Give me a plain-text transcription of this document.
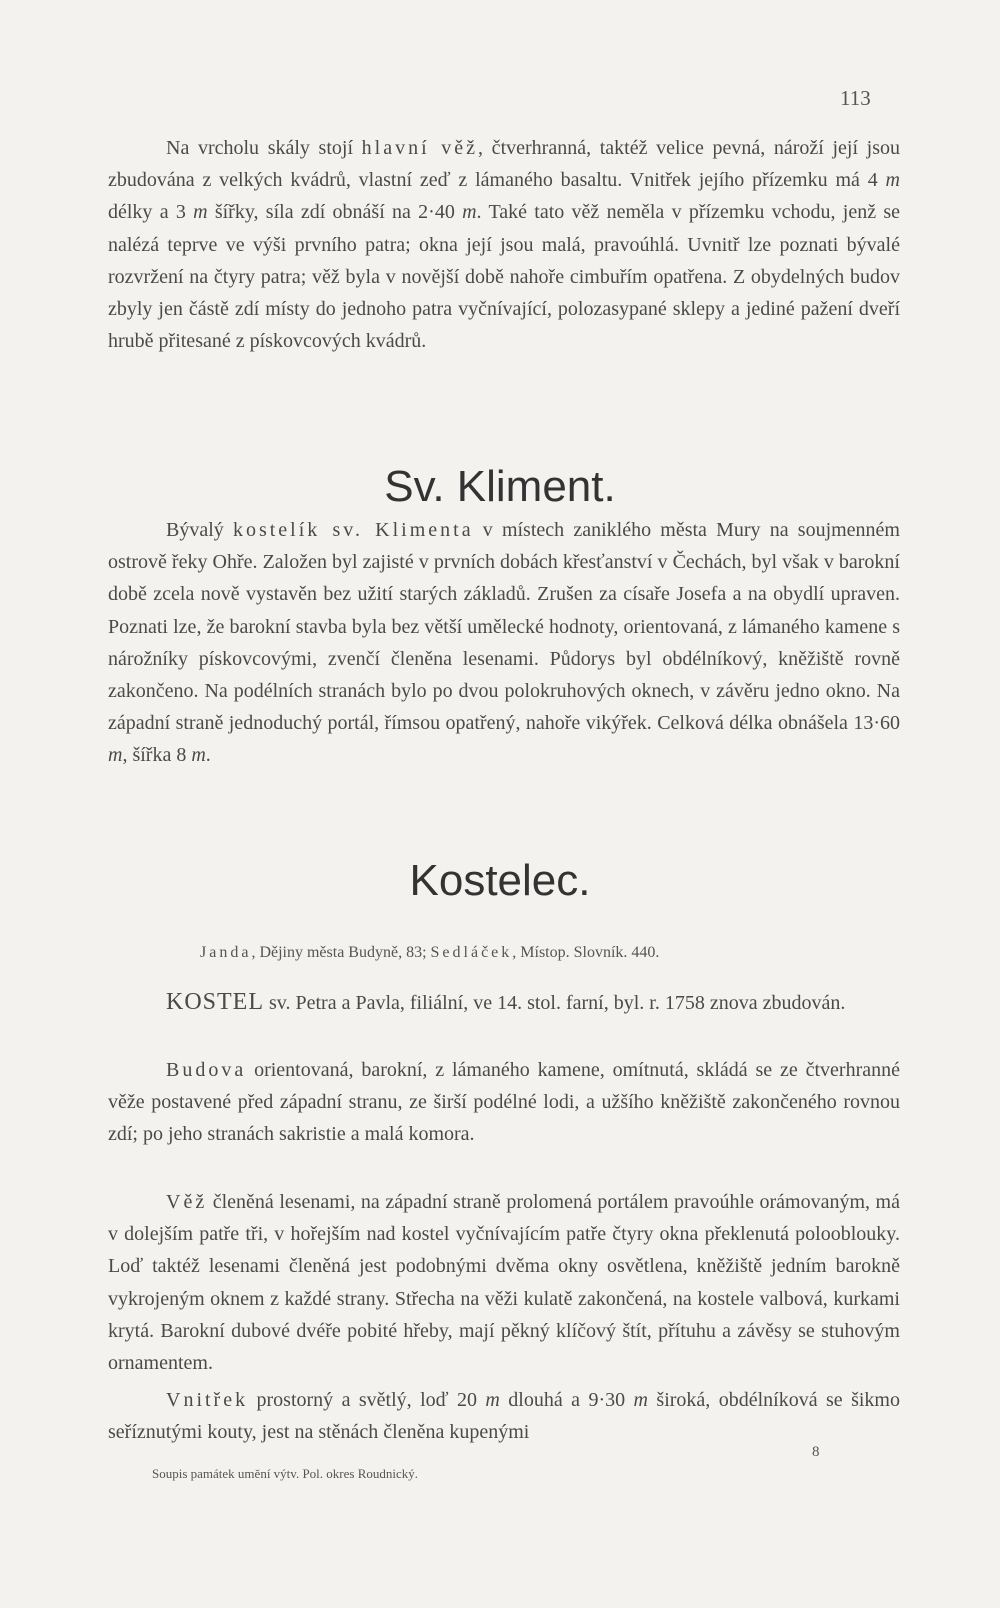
113

Na vrcholu skály stojí hlavní věž, čtverhranná, taktéž velice pevná, nároží její jsou zbudována z velkých kvádrů, vlastní zeď z lámaného basaltu. Vnitřek jejího přízemku má 4 m délky a 3 m šířky, síla zdí obnáší na 2·40 m. Také tato věž neměla v přízemku vchodu, jenž se nalézá teprve ve výši prvního patra; okna její jsou malá, pravoúhlá. Uvnitř lze poznati bývalé rozvržení na čtyry patra; věž byla v novější době nahoře cimbuřím opatřena. Z obydelných budov zbyly jen částě zdí místy do jednoho patra vyčnívající, polozasypané sklepy a jediné pažení dveří hrubě přitesané z pískovcových kvádrů.

Sv. Kliment.

Bývalý kostelík sv. Klimenta v místech zaniklého města Mury na soujmenném ostrově řeky Ohře. Založen byl zajisté v prvních dobách křesťanství v Čechách, byl však v barokní době zcela nově vystavěn bez užití starých základů. Zrušen za císaře Josefa a na obydlí upraven. Poznati lze, že barokní stavba byla bez větší umělecké hodnoty, orientovaná, z lámaného kamene s nárožníky pískovcovými, zvenčí členěna lesenami. Půdorys byl obdélníkový, kněžiště rovně zakončeno. Na podélních stranách bylo po dvou polokruhových oknech, v závěru jedno okno. Na západní straně jednoduchý portál, římsou opatřený, nahoře vikýřek. Celková délka obnášela 13·60 m, šířka 8 m.

Kostelec.
Janda, Dějiny města Budyně, 83; Sedláček, Místop. Slovník. 440.

KOSTEL sv. Petra a Pavla, filiální, ve 14. stol. farní, byl. r. 1758 znova zbudován.

Budova orientovaná, barokní, z lámaného kamene, omítnutá, skládá se ze čtverhranné věže postavené před západní stranu, ze širší podélné lodi, a užšího kněžiště zakončeného rovnou zdí; po jeho stranách sakristie a malá komora.

Věž členěná lesenami, na západní straně prolomená portálem pravoúhle orámovaným, má v dolejším patře tři, v hořejším nad kostel vyčnívajícím patře čtyry okna překlenutá polooblouky. Loď taktéž lesenami členěná jest podobnými dvěma okny osvětlena, kněžiště jedním barokně vykrojeným oknem z každé strany. Střecha na věži kulatě zakončená, na kostele valbová, kurkami krytá. Barokní dubové dvéře pobité hřeby, mají pěkný klíčový štít, přítuhu a závěsy se stuhovým ornamentem.

Vnitřek prostorný a světlý, loď 20 m dlouhá a 9·30 m široká, obdélníková se šikmo seříznutými kouty, jest na stěnách členěna kupenými

8
Soupis památek umění výtv. Pol. okres Roudnický.
